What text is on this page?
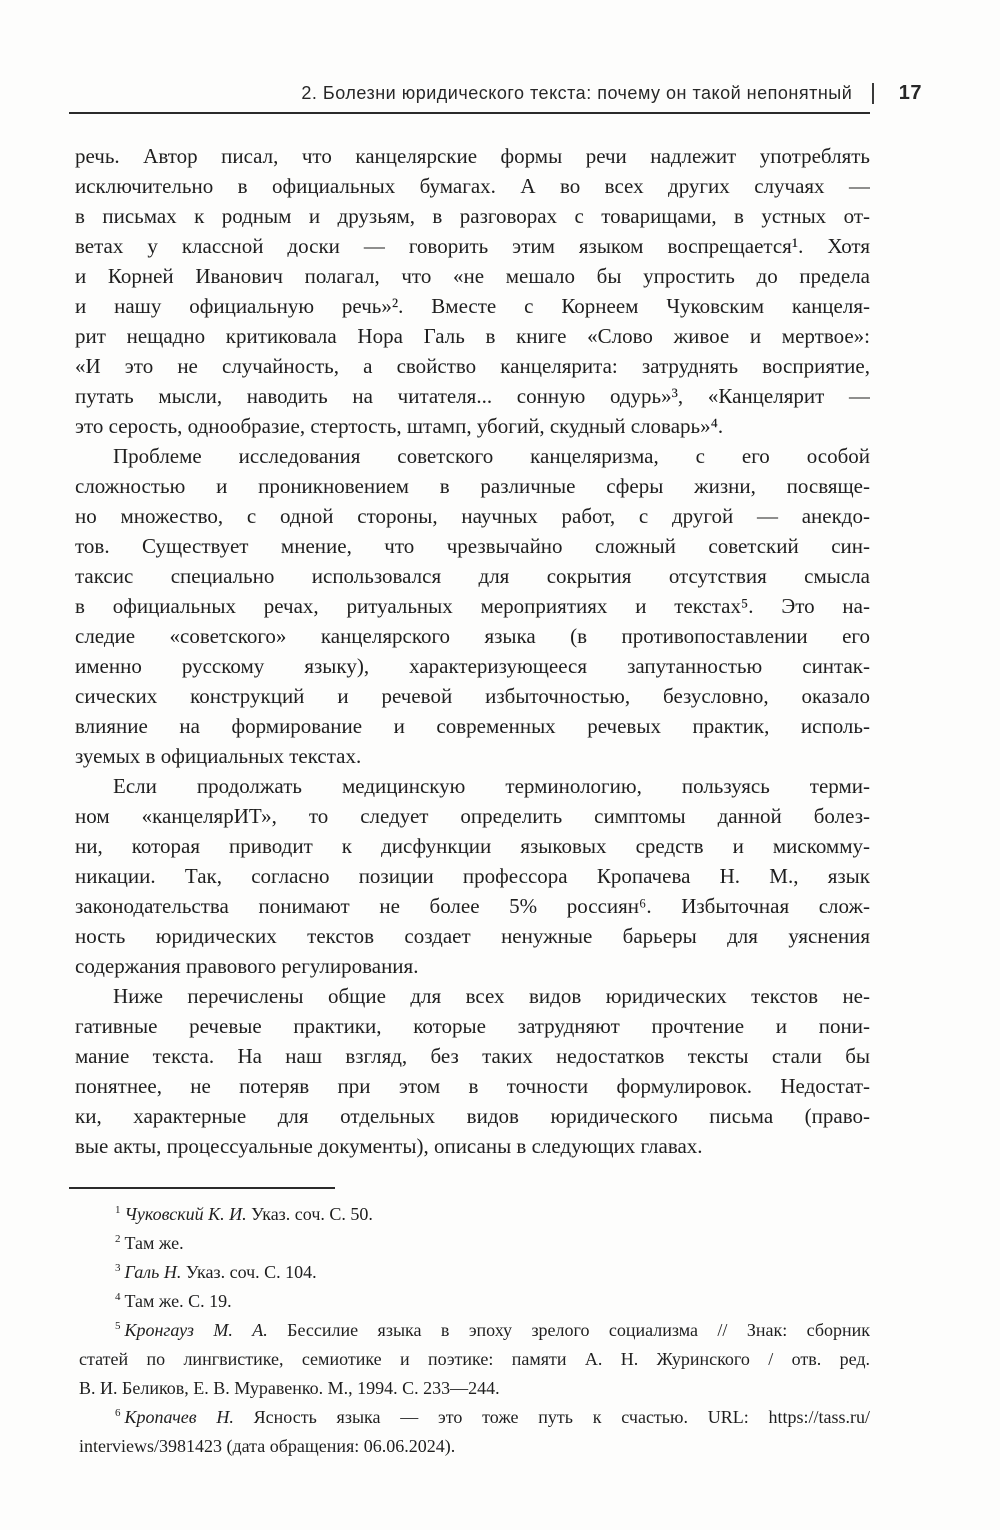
2. Болезни юридического текста: почему он такой непонятный 17
речь. Автор писал, что канцелярские формы речи надлежит употреблять
исключительно в официальных бумагах. А во всех других случаях —
в письмах к родным и друзьям, в разговорах с товарищами, в устных от-
ветах у классной доски — говорить этим языком воспрещается¹. Хотя
и Корней Иванович полагал, что «не мешало бы упростить до предела
и нашу официальную речь»². Вместе с Корнеем Чуковским канцеля-
рит нещадно критиковала Нора Галь в книге «Слово живое и мертвое»:
«И это не случайность, а свойство канцелярита: затруднять восприятие,
путать мысли, наводить на читателя... сонную одурь»³, «Канцелярит —
это серость, однообразие, стертость, штамп, убогий, скудный словарь»⁴.
Проблеме исследования советского канцеляризма, с его особой
сложностью и проникновением в различные сферы жизни, посвяще-
но множество, с одной стороны, научных работ, с другой — анекдо-
тов. Существует мнение, что чрезвычайно сложный советский син-
таксис специально использовался для сокрытия отсутствия смысла
в официальных речах, ритуальных мероприятиях и текстах⁵. Это на-
следие «советского» канцелярского языка (в противопоставлении его
именно русскому языку), характеризующееся запутанностью синтак-
сических конструкций и речевой избыточностью, безусловно, оказало
влияние на формирование и современных речевых практик, исполь-
зуемых в официальных текстах.
Если продолжать медицинскую терминологию, пользуясь терми-
ном «канцелярИТ», то следует определить симптомы данной болез-
ни, которая приводит к дисфункции языковых средств и мискомму-
никации. Так, согласно позиции профессора Кропачева Н. М., язык
законодательства понимают не более 5% россиян⁶. Избыточная слож-
ность юридических текстов создает ненужные барьеры для уяснения
содержания правового регулирования.
Ниже перечислены общие для всех видов юридических текстов не-
гативные речевые практики, которые затрудняют прочтение и пони-
мание текста. На наш взгляд, без таких недостатков тексты стали бы
понятнее, не потеряв при этом в точности формулировок. Недостат-
ки, характерные для отдельных видов юридического письма (право-
вые акты, процессуальные документы), описаны в следующих главах.
$^1$ Чуковский К. И. Указ. соч. С. 50.
$^2$ Там же.
$^3$ Галь Н. Указ. соч. С. 104.
$^4$ Там же. С. 19.
$^5$ Кронгауз М. А. Бессилие языка в эпоху зрелого социализма // Знак: сборник
статей по лингвистике, семиотике и поэтике: памяти А. Н. Журинского / отв. ред.
В. И. Беликов, Е. В. Муравенко. М., 1994. С. 233—244.
$^6$ Кропачев Н. Ясность языка — это тоже путь к счастью. URL: https://tass.ru/
interviews/3981423 (дата обращения: 06.06.2024).
